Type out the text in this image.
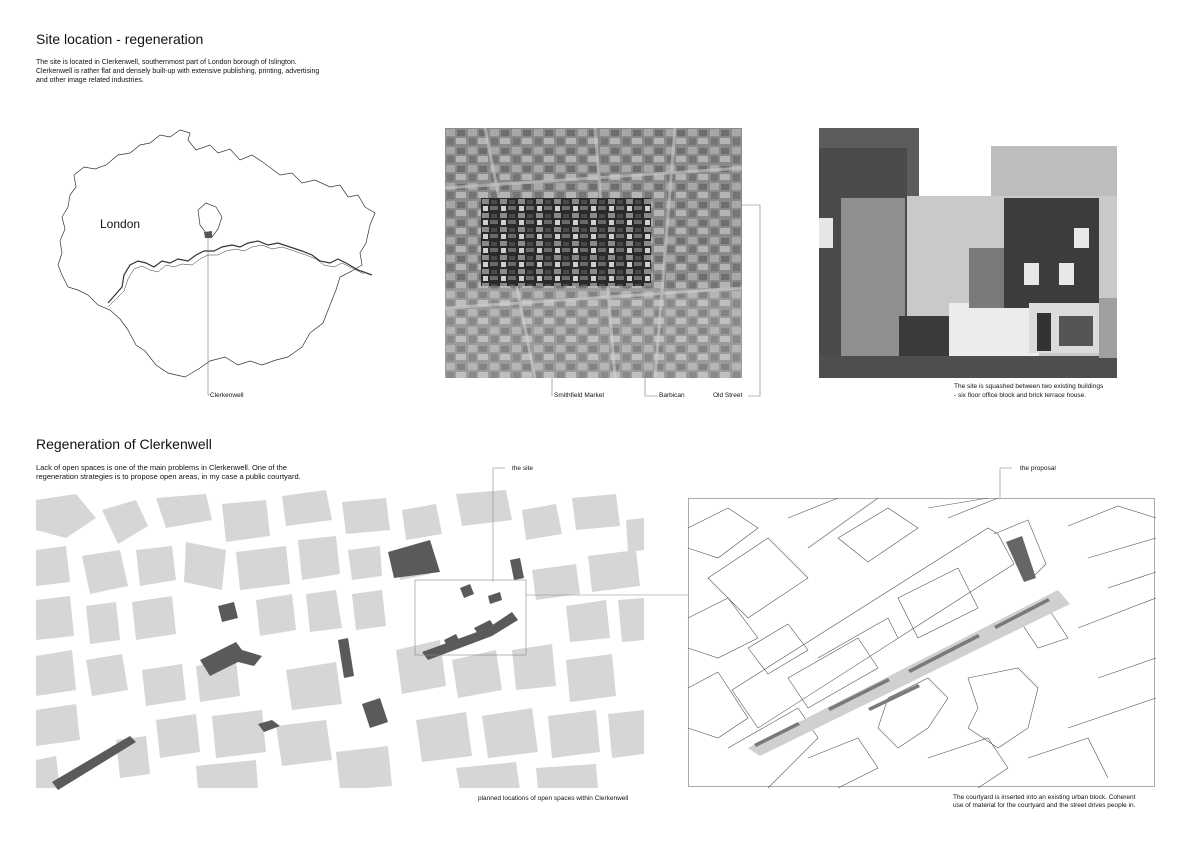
Site location - regeneration
The site is located in Clerkenwell, southernmost part of London borough of Islington. Clerkenwell is rather flat and densely built-up with extensive publishing, printing, advertising and other image related industries.
London
Clerkenwell	Smithfield Market	Barbican	Old Street
The site is squashed between two existing buildings
- six floor office block and brick terrace house.
Regeneration of Clerkenwell
Lack of open spaces is one of the main problems in Clerkenwell. One of the regeneration strategies is to propose open areas, in my case a public courtyard.
the site
planned locations of open spaces within Clerkenwell
the proposal
The courtyard is inserted into an existing urban block. Coherent
use of material for the courtyard and the street drives people in.
